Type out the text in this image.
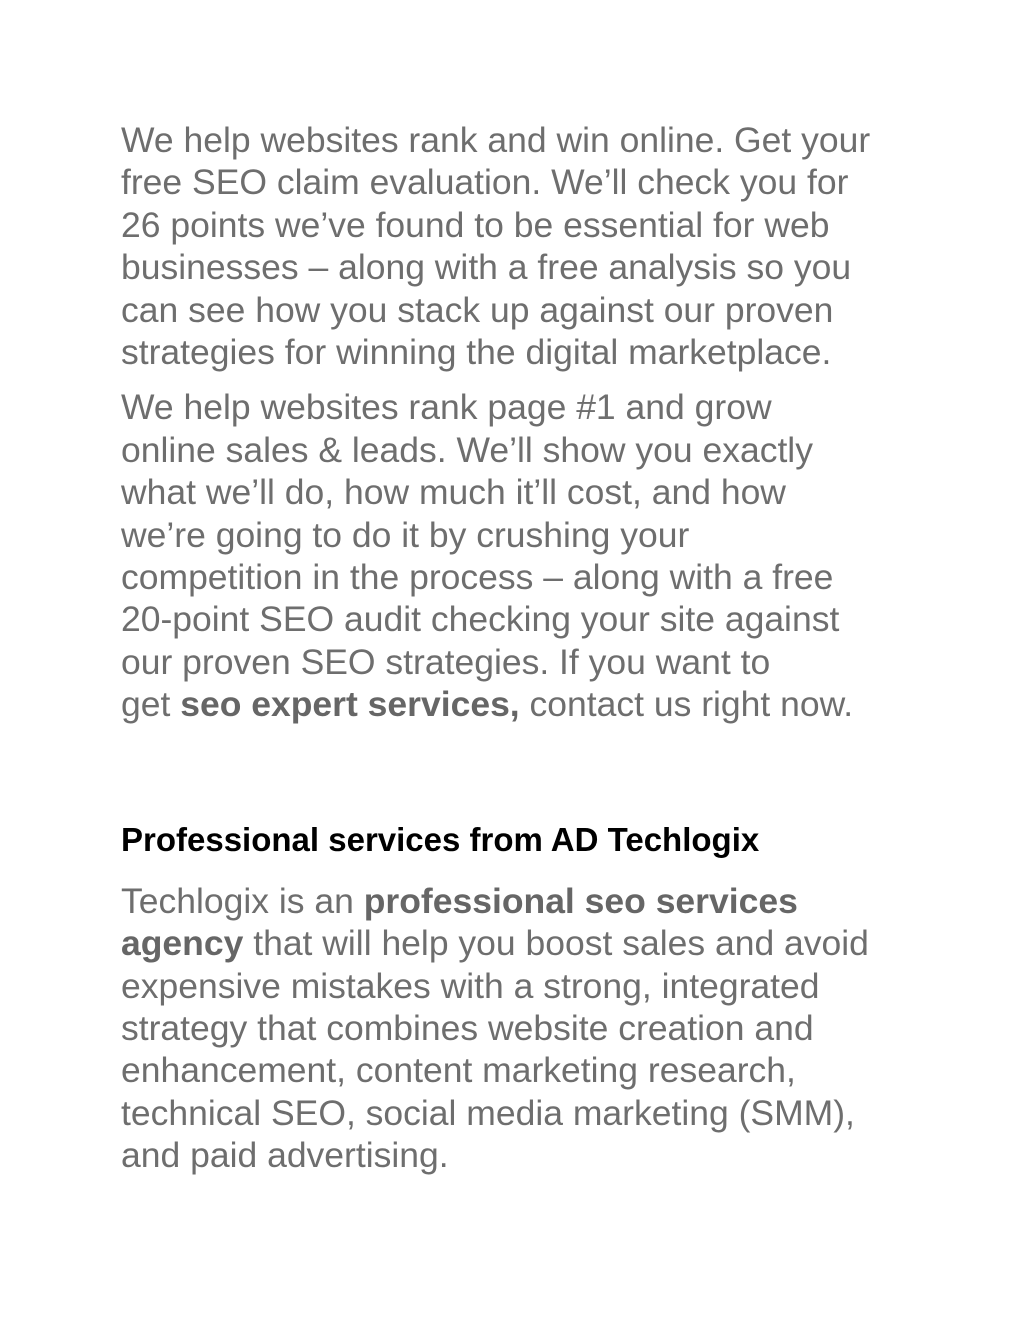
We help websites rank and win online. Get your
free SEO claim evaluation. We’ll check you for
26 points we’ve found to be essential for web
businesses – along with a free analysis so you
can see how you stack up against our proven
strategies for winning the digital marketplace.

We help websites rank page #1 and grow
online sales & leads. We’ll show you exactly
what we’ll do, how much it’ll cost, and how
we’re going to do it by crushing your
competition in the process – along with a free
20-point SEO audit checking your site against
our proven SEO strategies. If you want to
get seo expert services, contact us right now.

Professional services from AD Techlogix

Techlogix is an professional seo services
agency that will help you boost sales and avoid
expensive mistakes with a strong, integrated
strategy that combines website creation and
enhancement, content marketing research,
technical SEO, social media marketing (SMM),
and paid advertising.
